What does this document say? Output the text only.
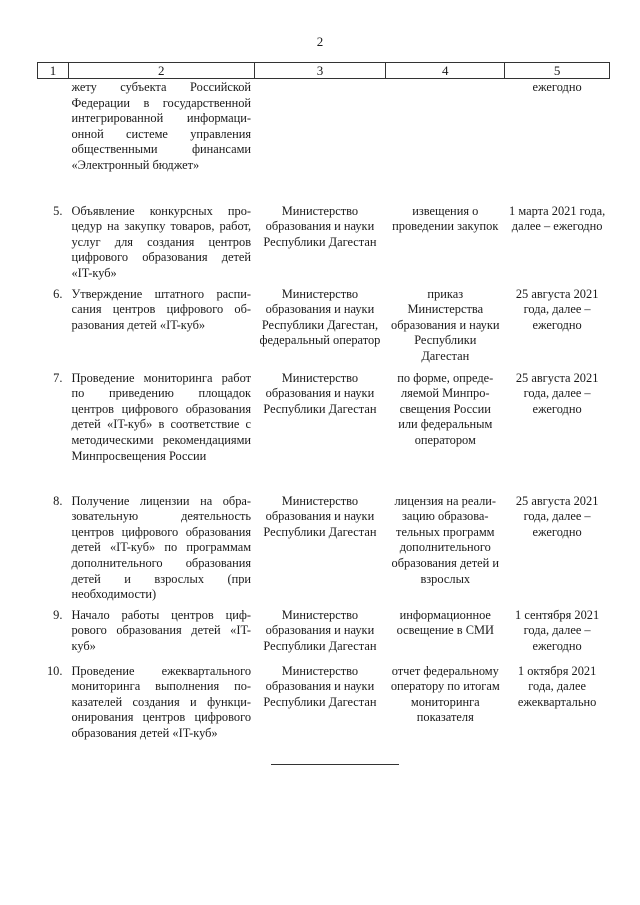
2
1	2	3	4	5
	жету субъекта Российской Федерации в государственной интегрированной информационной системе управления общественными финансами «Электронный бюджет»			ежегодно
5.	Объявление конкурсных процедур на закупку товаров, работ, услуг для создания центров цифрового образования детей «IT-куб»	Министерство образования и науки Республики Дагестан	извещения о проведении закупок	1 марта 2021 года, далее – ежегодно
6.	Утверждение штатного расписания центров цифрового образования детей «IT-куб»	Министерство образования и науки Республики Дагестан, федеральный оператор	приказ Министерства образования и науки Республики Дагестан	25 августа 2021 года, далее – ежегодно
7.	Проведение мониторинга работ по приведению площадок центров цифрового образования детей «IT-куб» в соответствие с методическими рекомендациями Минпросвещения России	Министерство образования и науки Республики Дагестан	по форме, определяемой Минпросвещения России или федеральным оператором	25 августа 2021 года, далее – ежегодно
8.	Получение лицензии на образовательную деятельность центров цифрового образования детей «IT-куб» по программам дополнительного образования детей и взрослых (при необходимости)	Министерство образования и науки Республики Дагестан	лицензия на реализацию образовательных программ дополнительного образования детей и взрослых	25 августа 2021 года, далее – ежегодно
9.	Начало работы центров цифрового образования детей «IT-куб»	Министерство образования и науки Республики Дагестан	информационное освещение в СМИ	1 сентября 2021 года, далее – ежегодно
10.	Проведение ежеквартального мониторинга выполнения показателей создания и функционирования центров цифрового образования детей «IT-куб»	Министерство образования и науки Республики Дагестан	отчет федеральному оператору по итогам мониторинга показателя	1 октября 2021 года, далее ежеквартально
